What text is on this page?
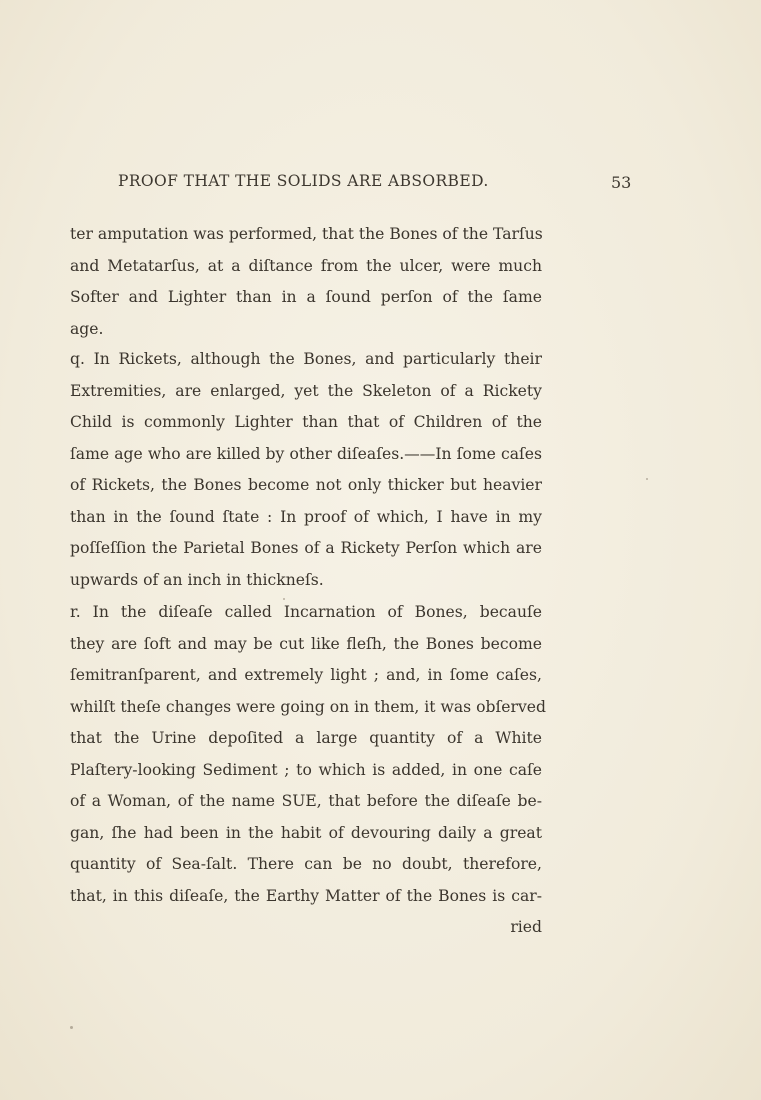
PROOF THAT THE SOLIDS ARE ABSORBED.	53
ter amputation was performed, that the Bones of the Tarſus
and Metatarſus, at a diſtance from the ulcer, were much
Softer and Lighter than in a ſound perſon of the ſame
age.
q. In Rickets, although the Bones, and particularly their
Extremities, are enlarged, yet the Skeleton of a Rickety
Child is commonly Lighter than that of Children of the
ſame age who are killed by other diſeaſes.——In ſome caſes
of Rickets, the Bones become not only thicker but heavier
than in the ſound ſtate : In proof of which, I have in my
poſſeſſion the Parietal Bones of a Rickety Perſon which are
upwards of an inch in thickneſs.
r. In the diſeaſe called Incarnation of Bones, becauſe
they are ſoft and may be cut like fleſh, the Bones become
ſemitranſparent, and extremely light ; and, in ſome caſes,
whilſt theſe changes were going on in them, it was obſerved
that the Urine depoſited a large quantity of a White
Plaſtery-looking Sediment ; to which is added, in one caſe
of a Woman, of the name SUE, that before the diſeaſe be-
gan, ſhe had been in the habit of devouring daily a great
quantity of Sea-ſalt. There can be no doubt, therefore,
that, in this diſeaſe, the Earthy Matter of the Bones is car-
ried
